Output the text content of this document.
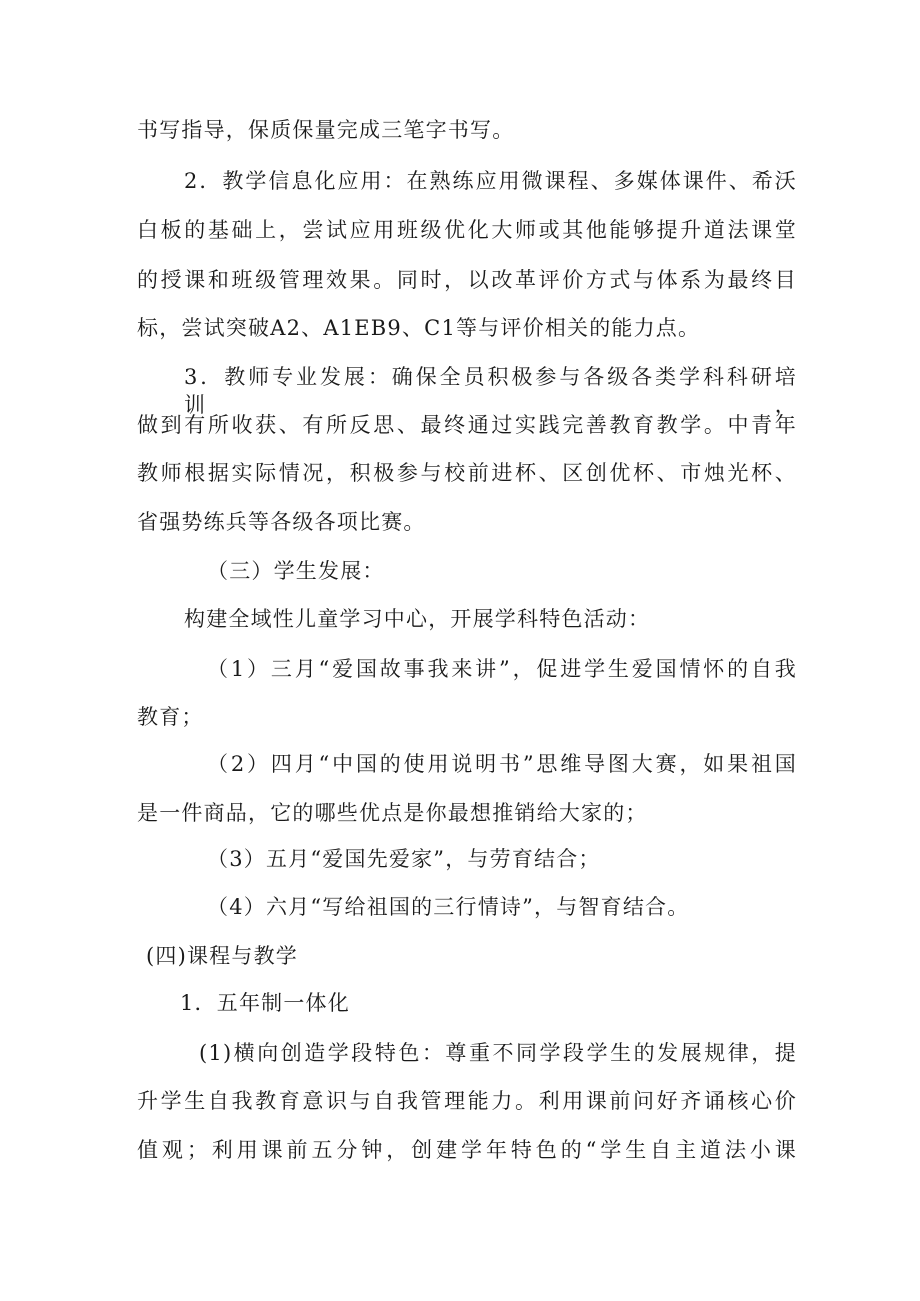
书写指导，保质保量完成三笔字书写。
2．教学信息化应用：在熟练应用微课程、多媒体课件、希沃
白板的基础上，尝试应用班级优化大师或其他能够提升道法课堂
的授课和班级管理效果。同时，以改革评价方式与体系为最终目
标，尝试突破A2、A1EB9、C1等与评价相关的能力点。
3．教师专业发展：确保全员积极参与各级各类学科科研培训，
做到有所收获、有所反思、最终通过实践完善教育教学。中青年
教师根据实际情况，积极参与校前进杯、区创优杯、市烛光杯、
省强势练兵等各级各项比赛。
（三）学生发展：
构建全域性儿童学习中心，开展学科特色活动：
（1）三月“爱国故事我来讲”，促进学生爱国情怀的自我
教育；
（2）四月“中国的使用说明书”思维导图大赛，如果祖国
是一件商品，它的哪些优点是你最想推销给大家的；
（3）五月“爱国先爱家”，与劳育结合；
（4）六月“写给祖国的三行情诗”，与智育结合。
(四)课程与教学
1．五年制一体化
(1)横向创造学段特色：尊重不同学段学生的发展规律，提
升学生自我教育意识与自我管理能力。利用课前问好齐诵核心价
值观；利用课前五分钟，创建学年特色的“学生自主道法小课
